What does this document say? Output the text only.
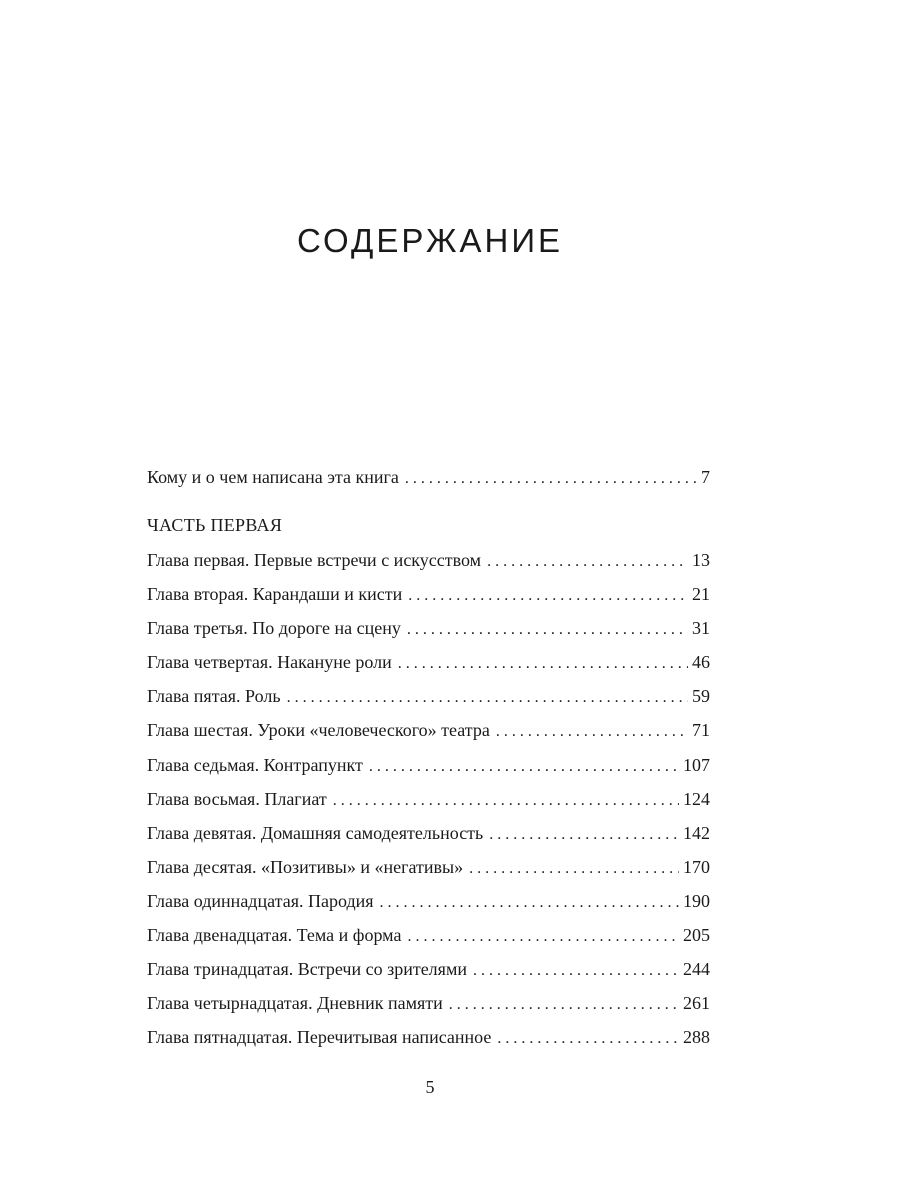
СОДЕРЖАНИЕ
Кому и о чем написана эта книга . . .	7
ЧАСТЬ ПЕРВАЯ
Глава первая. Первые встречи с искусством . . .	13
Глава вторая. Карандаши и кисти . . .	21
Глава третья. По дороге на сцену . . .	31
Глава четвертая. Накануне роли . . .	46
Глава пятая. Роль . . .	59
Глава шестая. Уроки «человеческого» театра . . .	71
Глава седьмая. Контрапункт . . .	107
Глава восьмая. Плагиат . . .	124
Глава девятая. Домашняя самодеятельность . . .	142
Глава десятая. «Позитивы» и «негативы» . . .	170
Глава одиннадцатая. Пародия . . .	190
Глава двенадцатая. Тема и форма . . .	205
Глава тринадцатая. Встречи со зрителями . . .	244
Глава четырнадцатая. Дневник памяти . . .	261
Глава пятнадцатая. Перечитывая написанное . . .	288
5
